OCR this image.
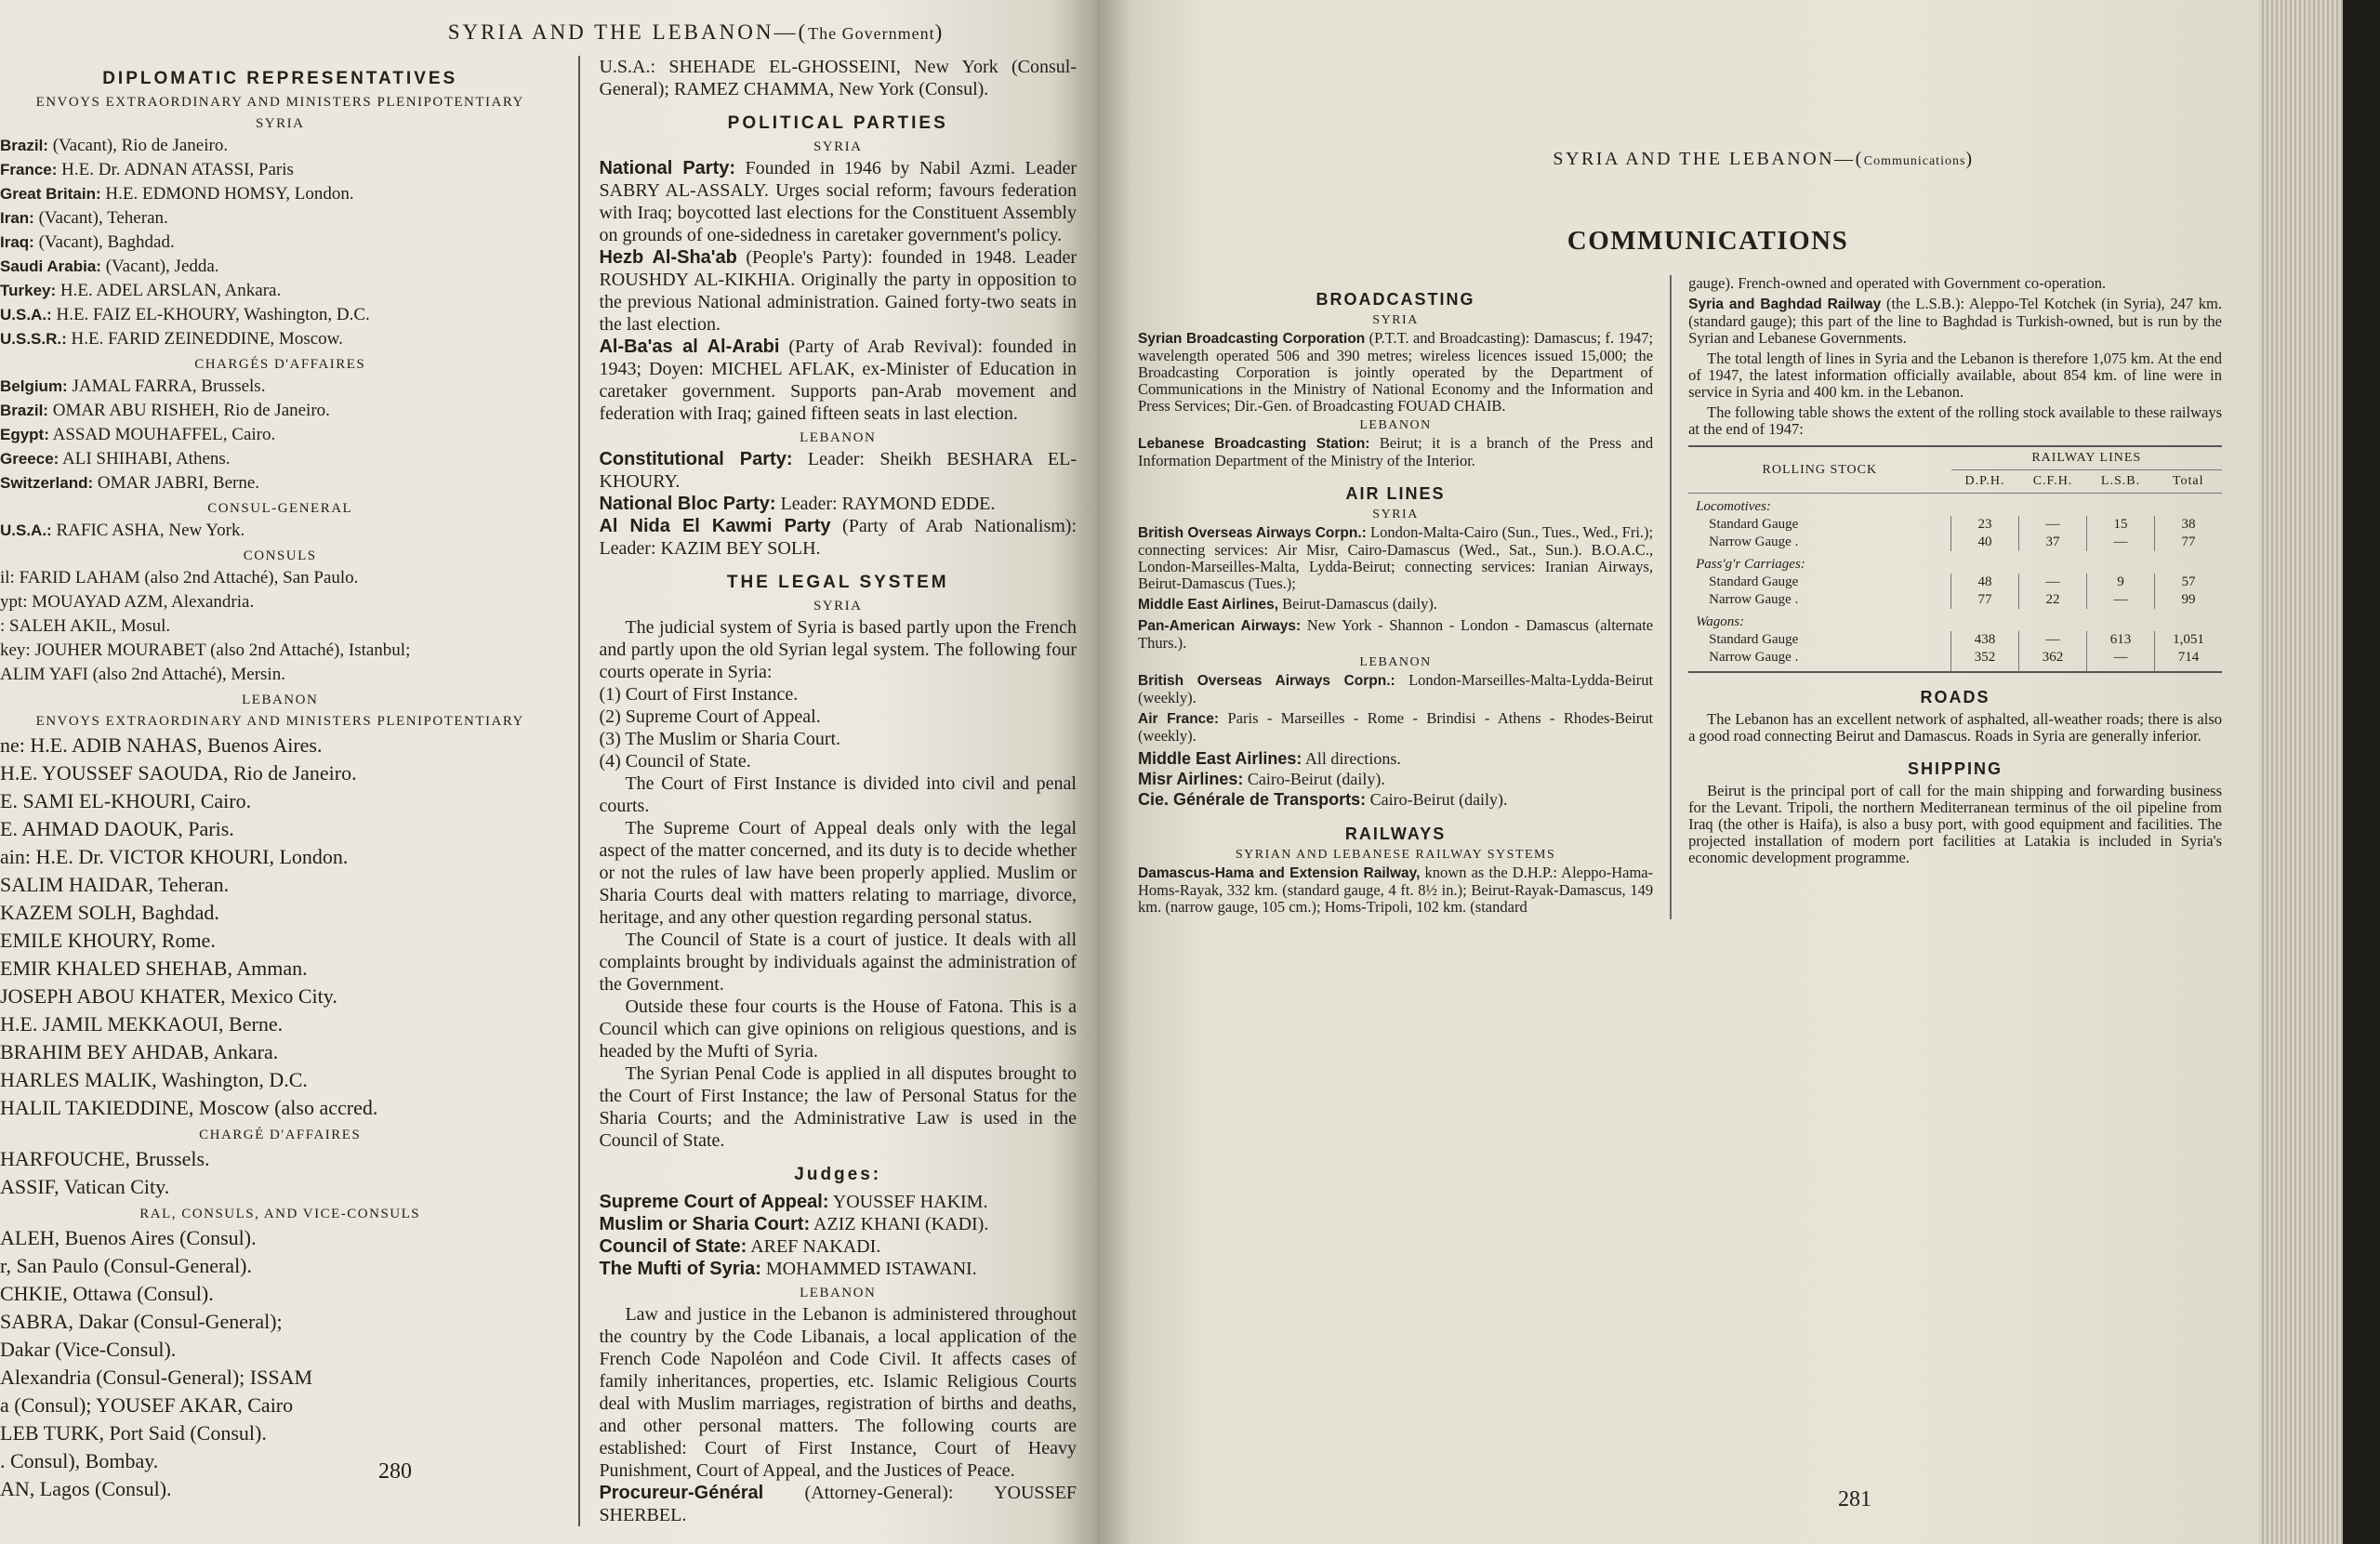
SYRIA AND THE LEBANON—(The Government)
DIPLOMATIC REPRESENTATIVES
ENVOYS EXTRAORDINARY AND MINISTERS PLENIPOTENTIARY
SYRIA
Brazil: (Vacant), Rio de Janeiro.
France: H.E. Dr. ADNAN ATASSI, Paris
Great Britain: H.E. EDMOND HOMSY, London.
Iran: (Vacant), Teheran.
Iraq: (Vacant), Baghdad.
Saudi Arabia: (Vacant), Jedda.
Turkey: H.E. ADEL ARSLAN, Ankara.
U.S.A.: H.E. FAIZ EL-KHOURY, Washington, D.C.
U.S.S.R.: H.E. FARID ZEINEDDINE, Moscow.
CHARGÉS D'AFFAIRES
Belgium: JAMAL FARRA, Brussels.
Brazil: OMAR ABU RISHEH, Rio de Janeiro.
Egypt: ASSAD MOUHAFFEL, Cairo.
Greece: ALI SHIHABI, Athens.
Switzerland: OMAR JABRI, Berne.
CONSUL-GENERAL
U.S.A.: RAFIC ASHA, New York.
CONSULS
il: FARID LAHAM (also 2nd Attaché), San Paulo.
ypt: MOUAYAD AZM, Alexandria.
: SALEH AKIL, Mosul.
key: JOUHER MOURABET (also 2nd Attaché), Istanbul;
ALIM YAFI (also 2nd Attaché), Mersin.
LEBANON
ENVOYS EXTRAORDINARY AND MINISTERS PLENIPOTENTIARY
ne: H.E. ADIB NAHAS, Buenos Aires.
H.E. YOUSSEF SAOUDA, Rio de Janeiro.
E. SAMI EL-KHOURI, Cairo.
E. AHMAD DAOUK, Paris.
ain: H.E. Dr. VICTOR KHOURI, London.
SALIM HAIDAR, Teheran.
KAZEM SOLH, Baghdad.
EMILE KHOURY, Rome.
EMIR KHALED SHEHAB, Amman.
JOSEPH ABOU KHATER, Mexico City.
H.E. JAMIL MEKKAOUI, Berne.
BRAHIM BEY AHDAB, Ankara.
HARLES MALIK, Washington, D.C.
HALIL TAKIEDDINE, Moscow (also accred.
CHARGÉ D'AFFAIRES
HARFOUCHE, Brussels.
ASSIF, Vatican City.
RAL, CONSULS, AND VICE-CONSULS
ALEH, Buenos Aires (Consul).
r, San Paulo (Consul-General).
CHKIE, Ottawa (Consul).
SABRA, Dakar (Consul-General);
Dakar (Vice-Consul).
Alexandria (Consul-General); ISSAM
a (Consul); YOUSEF AKAR, Cairo
LEB TURK, Port Said (Consul).
. Consul), Bombay.
AN, Lagos (Consul).

U.S.A.: SHEHADE EL-GHOSSEINI, New York (Consul-General); RAMEZ CHAMMA, New York (Consul).

POLITICAL PARTIES
SYRIA

National Party: Founded in 1946 by Nabil Azmi. Leader SABRY AL-ASSALY. Urges social reform; favours federation with Iraq; boycotted last elections for the Constituent Assembly on grounds of one-sidedness in caretaker government's policy.

Hezb Al-Sha'ab (People's Party): founded in 1948. Leader ROUSHDY AL-KIKHIA. Originally the party in opposition to the previous National administration. Gained forty-two seats in the last election.

Al-Ba'as al Al-Arabi (Party of Arab Revival): founded in 1943; Doyen: MICHEL AFLAK, ex-Minister of Education in caretaker government. Supports pan-Arab movement and federation with Iraq; gained fifteen seats in last election.

LEBANON

Constitutional Party: Leader: Sheikh BESHARA EL-KHOURY.

National Bloc Party: Leader: RAYMOND EDDE.

Al Nida El Kawmi Party (Party of Arab Nationalism): Leader: KAZIM BEY SOLH.

THE LEGAL SYSTEM
SYRIA

The judicial system of Syria is based partly upon the French and partly upon the old Syrian legal system. The following four courts operate in Syria:

(1) Court of First Instance.

(2) Supreme Court of Appeal.

(3) The Muslim or Sharia Court.

(4) Council of State.

The Court of First Instance is divided into civil and penal courts.

The Supreme Court of Appeal deals only with the legal aspect of the matter concerned, and its duty is to decide whether or not the rules of law have been properly applied. Muslim or Sharia Courts deal with matters relating to marriage, divorce, heritage, and any other question regarding personal status.

The Council of State is a court of justice. It deals with all complaints brought by individuals against the administration of the Government.

Outside these four courts is the House of Fatona. This is a Council which can give opinions on religious questions, and is headed by the Mufti of Syria.

The Syrian Penal Code is applied in all disputes brought to the Court of First Instance; the law of Personal Status for the Sharia Courts; and the Administrative Law is used in the Council of State.

Judges:

Supreme Court of Appeal: YOUSSEF HAKIM.

Muslim or Sharia Court: AZIZ KHANI (KADI).

Council of State: AREF NAKADI.

The Mufti of Syria: MOHAMMED ISTAWANI.

LEBANON

Law and justice in the Lebanon is administered throughout the country by the Code Libanais, a local application of the French Code Napoléon and Code Civil. It affects cases of family inheritances, properties, etc. Islamic Religious Courts deal with Muslim marriages, registration of births and deaths, and other personal matters. The following courts are established: Court of First Instance, Court of Heavy Punishment, Court of Appeal, and the Justices of Peace.

Procureur-Général (Attorney-General): YOUSSEF SHERBEL.

280
SYRIA AND THE LEBANON—(Communications)
COMMUNICATIONS
BROADCASTING
SYRIA

Syrian Broadcasting Corporation (P.T.T. and Broadcasting): Damascus; f. 1947; wavelength operated 506 and 390 metres; wireless licences issued 15,000; the Broadcasting Corporation is jointly operated by the Department of Communications in the Ministry of National Economy and the Information and Press Services; Dir.-Gen. of Broadcasting FOUAD CHAIB.

LEBANON

Lebanese Broadcasting Station: Beirut; it is a branch of the Press and Information Department of the Ministry of the Interior.

AIR LINES
SYRIA

British Overseas Airways Corpn.: London-Malta-Cairo (Sun., Tues., Wed., Fri.); connecting services: Air Misr, Cairo-Damascus (Wed., Sat., Sun.). B.O.A.C., London-Marseilles-Malta, Lydda-Beirut; connecting services: Iranian Airways, Beirut-Damascus (Tues.);

Middle East Airlines, Beirut-Damascus (daily).

Pan-American Airways: New York - Shannon - London - Damascus (alternate Thurs.).

LEBANON

British Overseas Airways Corpn.: London-Marseilles-Malta-Lydda-Beirut (weekly).

Air France: Paris - Marseilles - Rome - Brindisi - Athens - Rhodes-Beirut (weekly).

Middle East Airlines: All directions.

Misr Airlines: Cairo-Beirut (daily).

Cie. Générale de Transports: Cairo-Beirut (daily).

RAILWAYS
SYRIAN AND LEBANESE RAILWAY SYSTEMS

Damascus-Hama and Extension Railway, known as the D.H.P.: Aleppo-Hama-Homs-Rayak, 332 km. (standard gauge, 4 ft. 8½ in.); Beirut-Rayak-Damascus, 149 km. (narrow gauge, 105 cm.); Homs-Tripoli, 102 km. (standard

gauge). French-owned and operated with Government co-operation.

Syria and Baghdad Railway (the L.S.B.): Aleppo-Tel Kotchek (in Syria), 247 km. (standard gauge); this part of the line to Baghdad is Turkish-owned, but is run by the Syrian and Lebanese Governments.

The total length of lines in Syria and the Lebanon is therefore 1,075 km. At the end of 1947, the latest information officially available, about 854 km. of line were in service in Syria and 400 km. in the Lebanon.

The following table shows the extent of the rolling stock available to these railways at the end of 1947:

ROLLING STOCK	RAILWAY LINES			
	D.P.H.	C.F.H.	L.S.B.	Total
Locomotives:				
Standard Gauge	23	—	15	38
Narrow Gauge .	40	37	—	77
Pass'g'r Carriages:				
Standard Gauge	48	—	9	57
Narrow Gauge .	77	22	—	99
Wagons:				
Standard Gauge	438	—	613	1,051
Narrow Gauge .	352	362	—	714
ROADS

The Lebanon has an excellent network of asphalted, all-weather roads; there is also a good road connecting Beirut and Damascus. Roads in Syria are generally inferior.

SHIPPING

Beirut is the principal port of call for the main shipping and forwarding business for the Levant. Tripoli, the northern Mediterranean terminus of the oil pipeline from Iraq (the other is Haifa), is also a busy port, with good equipment and facilities. The projected installation of modern port facilities at Latakia is included in Syria's economic development programme.

281
